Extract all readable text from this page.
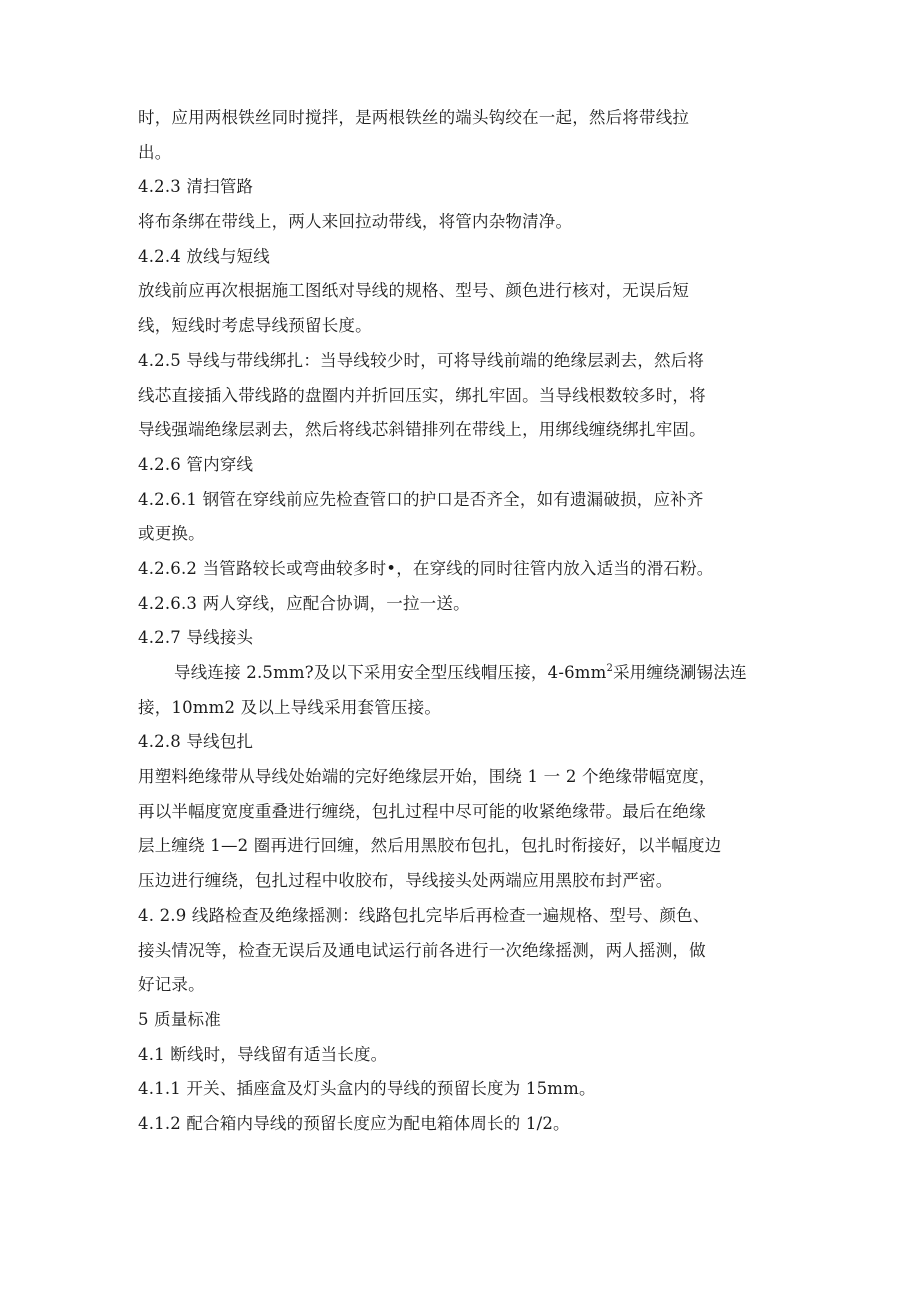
时，应用两根铁丝同时搅拌，是两根铁丝的端头钩绞在一起，然后将带线拉
出。
4.2.3 清扫管路
将布条绑在带线上，两人来回拉动带线，将管内杂物清净。
4.2.4 放线与短线
放线前应再次根据施工图纸对导线的规格、型号、颜色进行核对，无误后短
线，短线时考虑导线预留长度。
4.2.5 导线与带线绑扎：当导线较少时，可将导线前端的绝缘层剥去，然后将
线芯直接插入带线路的盘圈内并折回压实，绑扎牢固。当导线根数较多时，将
导线强端绝缘层剥去，然后将线芯斜错排列在带线上，用绑线缠绕绑扎牢固。
4.2.6 管内穿线
4.2.6.1 钢管在穿线前应先检查管口的护口是否齐全，如有遗漏破损，应补齐
或更换。
4.2.6.2 当管路较长或弯曲较多时•，在穿线的同时往管内放入适当的滑石粉。
4.2.6.3 两人穿线，应配合协调，一拉一送。
4.2.7 导线接头
导线连接 2.5mm?及以下采用安全型压线帽压接，$4-6mm^2$采用缠绕涮锡法连
接，10mm2 及以上导线采用套管压接。
4.2.8 导线包扎
用塑料绝缘带从导线处始端的完好绝缘层开始，围绕 1 一 2 个绝缘带幅宽度，
再以半幅度宽度重叠进行缠绕，包扎过程中尽可能的收紧绝缘带。最后在绝缘
层上缠绕 1—2 圈再进行回缠，然后用黑胶布包扎，包扎时衔接好，以半幅度边
压边进行缠绕，包扎过程中收胶布，导线接头处两端应用黑胶布封严密。
4. 2.9 线路检查及绝缘摇测：线路包扎完毕后再检查一遍规格、型号、颜色、
接头情况等，检查无误后及通电试运行前各进行一次绝缘摇测，两人摇测，做
好记录。
5 质量标准
4.1 断线时，导线留有适当长度。
4.1.1 开关、插座盒及灯头盒内的导线的预留长度为 15mm。
4.1.2 配合箱内导线的预留长度应为配电箱体周长的 1/2。
